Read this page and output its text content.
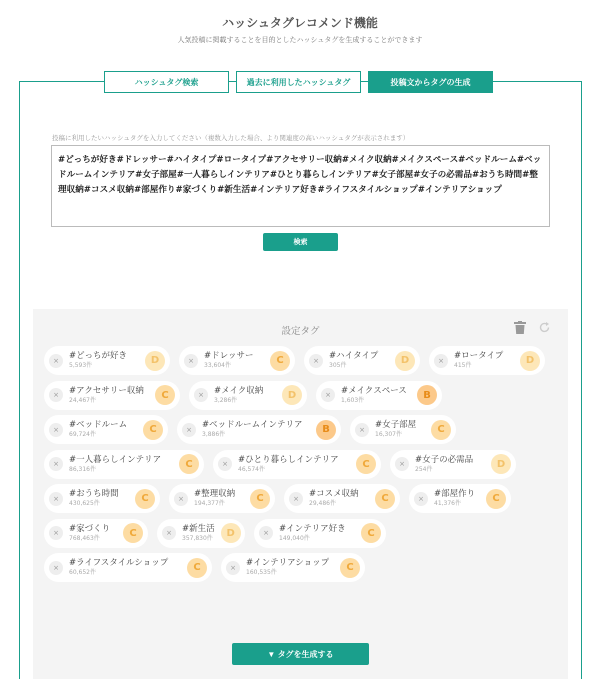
ハッシュタグレコメンド機能
人気投稿に掲載することを目的としたハッシュタグを生成することができます
ハッシュタグ検索	過去に利用したハッシュタグ	投稿文からタグの生成
投稿に利用したいハッシュタグを入力してください（複数入力した場合、より関連度の高いハッシュタグが表示されます）
#どっちが好き#ドレッサー#ハイタイプ#ロータイプ#アクセサリー収納#メイク収納#メイクスペース#ベッドルーム#ベッドルームインテリア#女子部屋#一人暮らしインテリア#ひとり暮らしインテリア#女子部屋#女子の必需品#おうち時間#整理収納#コスメ収納#部屋作り#家づくり#新生活#インテリア好き#ライフスタイルショップ#インテリアショップ
検索
設定タグ
×	#どっちが好き
5,593件	D	×	#ドレッサー
33,604件	C	×	#ハイタイプ
305件	D	×	#ロータイプ
415件	D
×	#アクセサリー収納
24,467件	C	×	#メイク収納
3,286件	D	×	#メイクスペース
1,603件	B
×	#ベッドルーム
69,724件	C	×	#ベッドルームインテリア
3,886件	B	×	#女子部屋
16,307件	C
×	#一人暮らしインテリア
86,316件	C	×	#ひとり暮らしインテリア
46,574件	C	×	#女子の必需品
254件	D
×	#おうち時間
430,625件	C	×	#整理収納
194,377件	C	×	#コスメ収納
29,486件	C	×	#部屋作り
41,376件	C
×	#家づくり
768,463件	C	×	#新生活
357,830件	D	×	#インテリア好き
149,040件	C
×	#ライフスタイルショップ
60,652件	C	×	#インテリアショップ
160,535件	C
▼ タグを生成する
